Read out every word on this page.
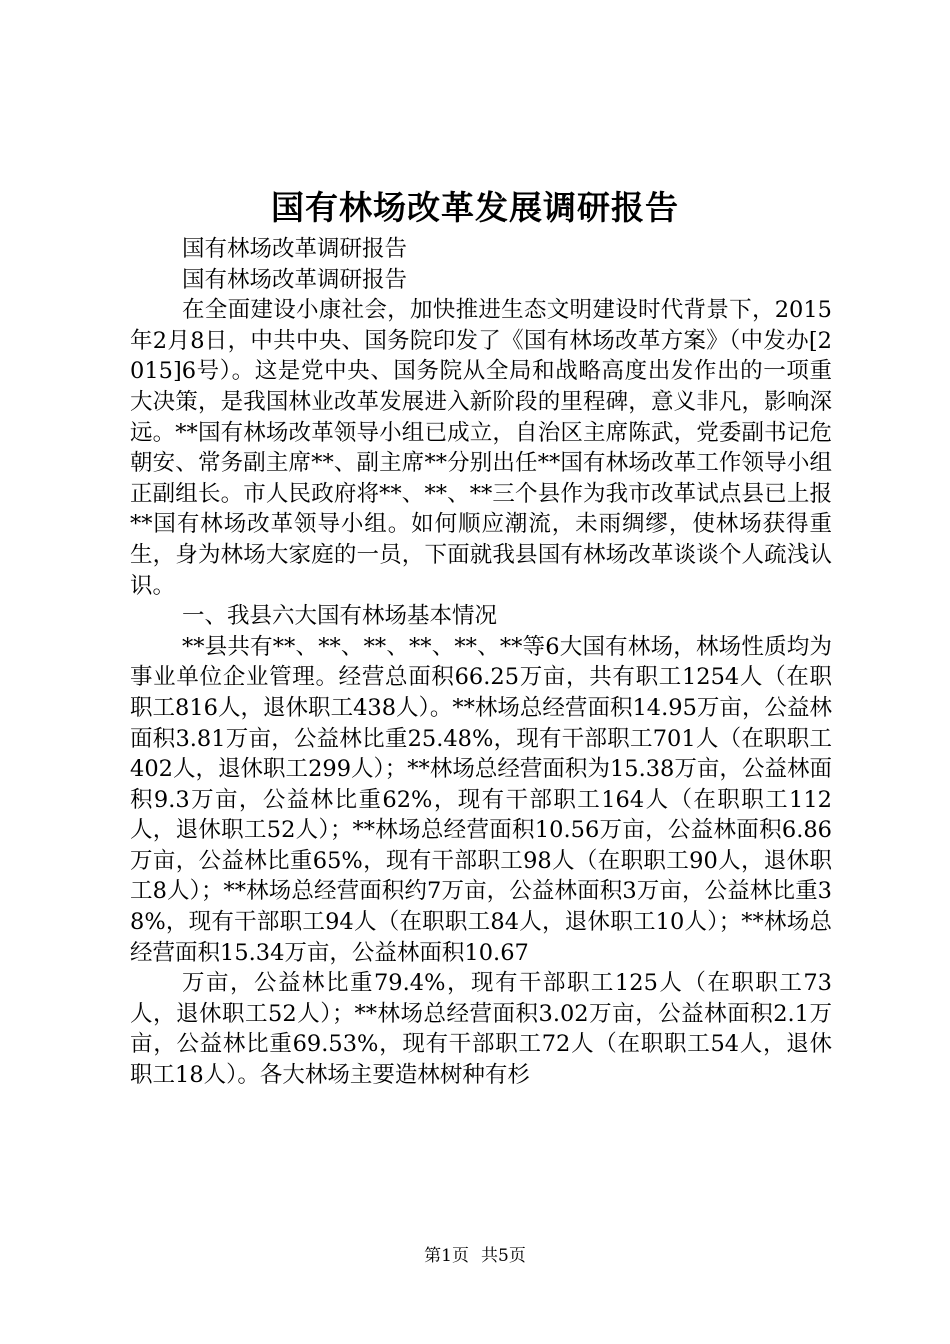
国有林场改革发展调研报告

国有林场改革调研报告

国有林场改革调研报告

在全面建设小康社会，加快推进生态文明建设时代背景下，2015年2月8日，中共中央、国务院印发了《国有林场改革方案》（中发办[2015]6号）。这是党中央、国务院从全局和战略高度出发作出的一项重大决策，是我国林业改革发展进入新阶段的里程碑，意义非凡，影响深远。**国有林场改革领导小组已成立，自治区主席陈武，党委副书记危朝安、常务副主席**、副主席**分别出任**国有林场改革工作领导小组正副组长。市人民政府将**、**、**三个县作为我市改革试点县已上报**国有林场改革领导小组。如何顺应潮流，未雨绸缪，使林场获得重生，身为林场大家庭的一员，下面就我县国有林场改革谈谈个人疏浅认识。

一、我县六大国有林场基本情况

**县共有**、**、**、**、**、**等6大国有林场，林场性质均为事业单位企业管理。经营总面积66.25万亩，共有职工1254人（在职职工816人，退休职工438人）。**林场总经营面积14.95万亩，公益林面积3.81万亩，公益林比重25.48%，现有干部职工701人（在职职工402人，退休职工299人）；**林场总经营面积为15.38万亩，公益林面积9.3万亩，公益林比重62%，现有干部职工164人（在职职工112人，退休职工52人）；**林场总经营面积10.56万亩，公益林面积6.86万亩，公益林比重65%，现有干部职工98人（在职职工90人，退休职工8人）；**林场总经营面积约7万亩，公益林面积3万亩，公益林比重38%，现有干部职工94人（在职职工84人，退休职工10人）；**林场总经营面积15.34万亩，公益林面积10.67

万亩，公益林比重79.4%，现有干部职工125人（在职职工73人，退休职工52人）；**林场总经营面积3.02万亩，公益林面积2.1万亩，公益林比重69.53%，现有干部职工72人（在职职工54人，退休职工18人）。各大林场主要造林树种有杉

第1页 共5页
